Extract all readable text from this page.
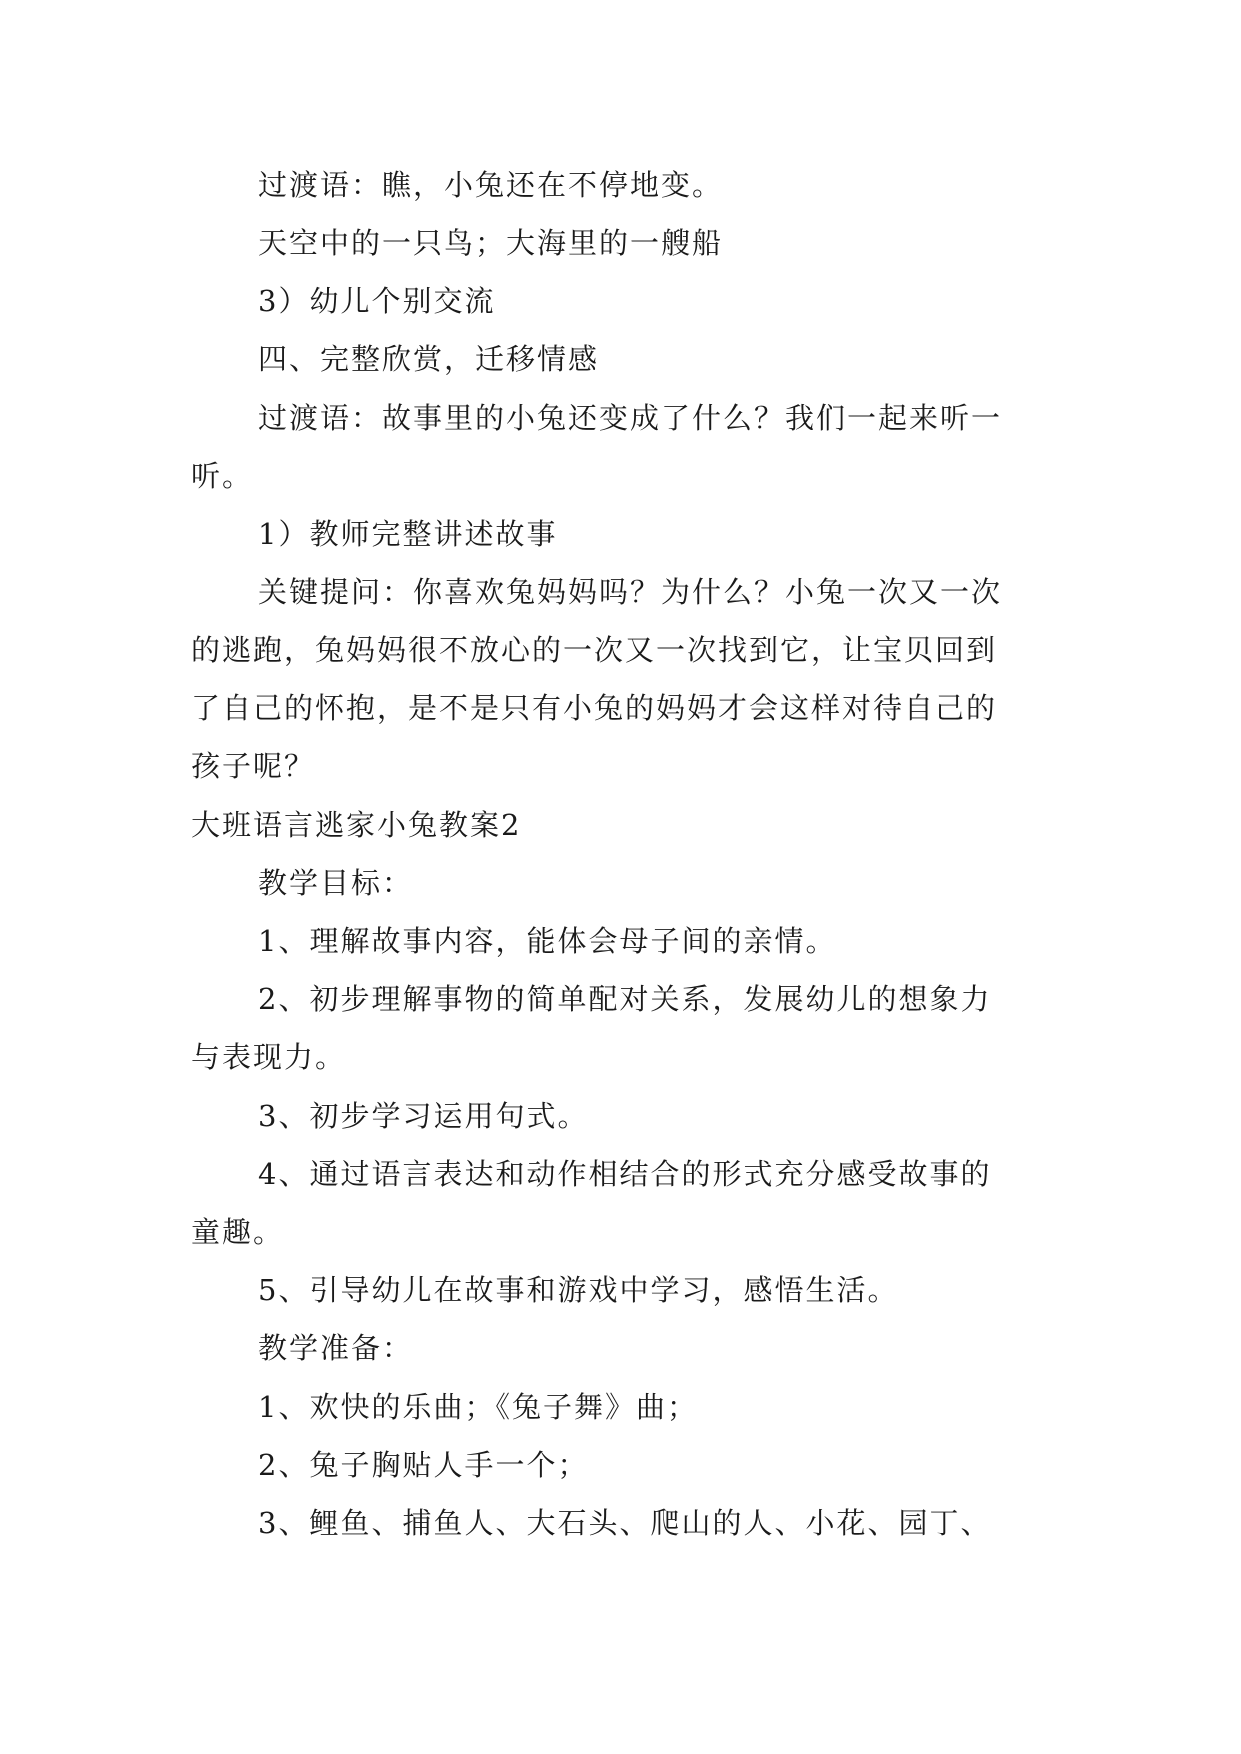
过渡语：瞧，小兔还在不停地变。
天空中的一只鸟；大海里的一艘船
3）幼儿个别交流
四、完整欣赏，迁移情感
过渡语：故事里的小兔还变成了什么？我们一起来听一
听。
1）教师完整讲述故事
关键提问：你喜欢兔妈妈吗？为什么？小兔一次又一次
的逃跑，兔妈妈很不放心的一次又一次找到它，让宝贝回到
了自己的怀抱，是不是只有小兔的妈妈才会这样对待自己的
孩子呢？
大班语言逃家小兔教案2
教学目标：
1、理解故事内容，能体会母子间的亲情。
2、初步理解事物的简单配对关系，发展幼儿的想象力
与表现力。
3、初步学习运用句式。
4、通过语言表达和动作相结合的形式充分感受故事的
童趣。
5、引导幼儿在故事和游戏中学习，感悟生活。
教学准备：
1、欢快的乐曲；《兔子舞》曲；
2、兔子胸贴人手一个；
3、鲤鱼、捕鱼人、大石头、爬山的人、小花、园丁、
